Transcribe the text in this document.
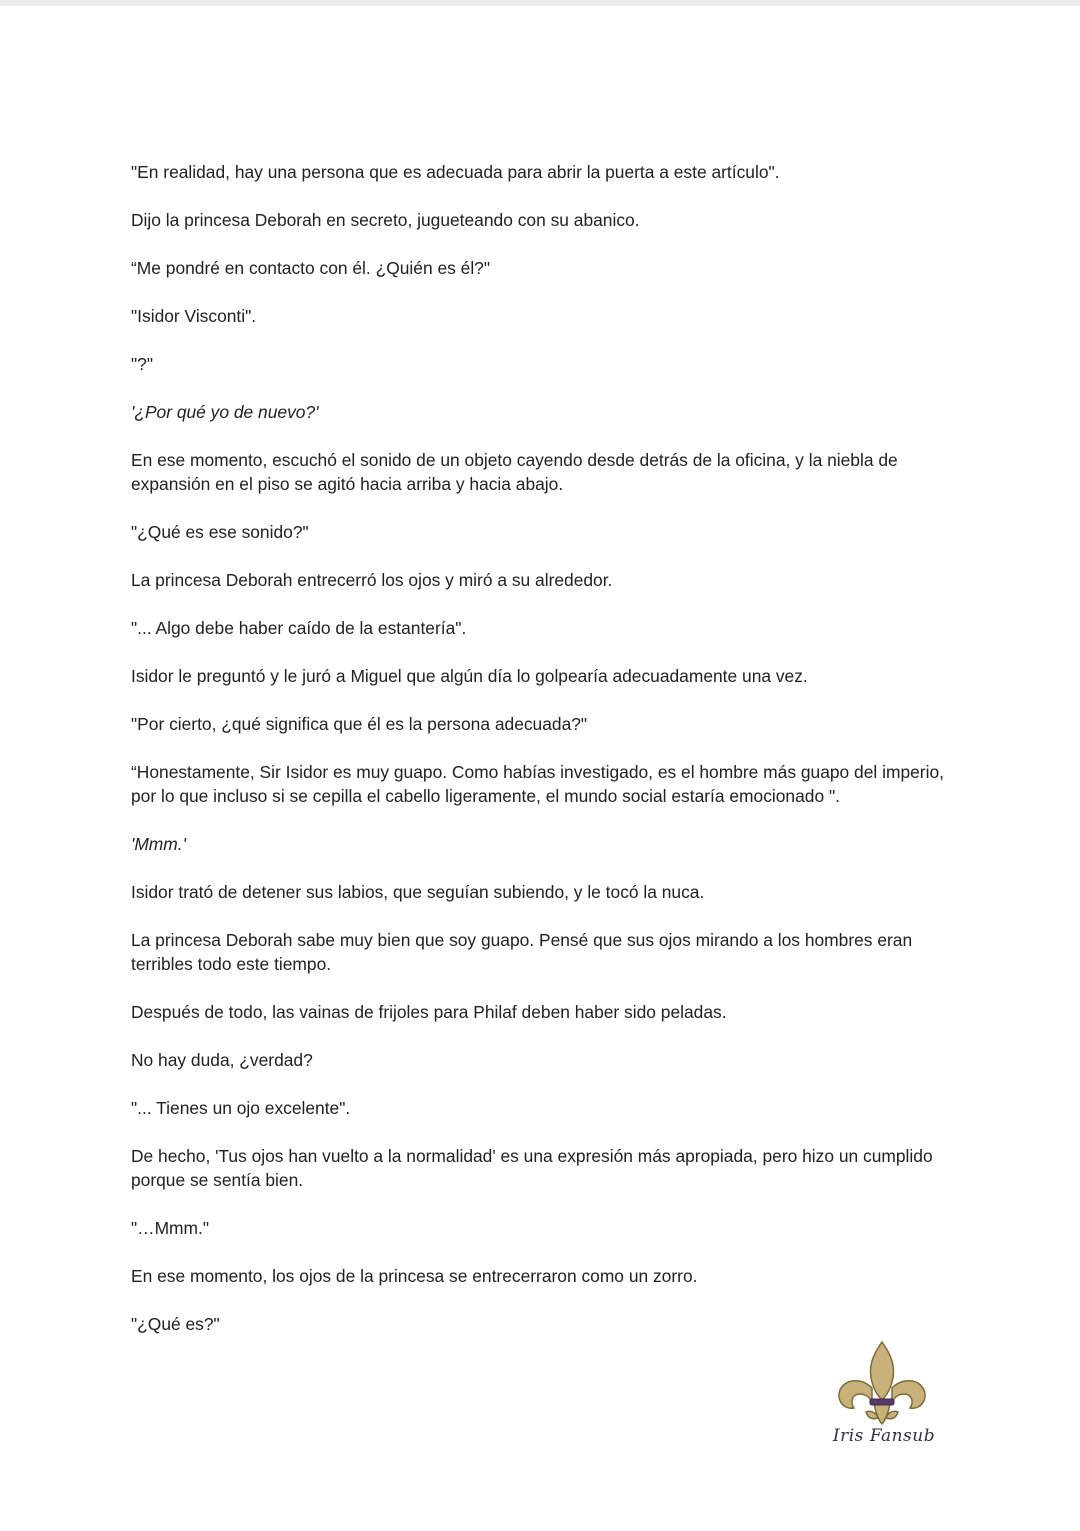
"En realidad, hay una persona que es adecuada para abrir la puerta a este artículo".

Dijo la princesa Deborah en secreto, jugueteando con su abanico.

“Me pondré en contacto con él. ¿Quién es él?"

"Isidor Visconti".

"?"

'¿Por qué yo de nuevo?'

En ese momento, escuchó el sonido de un objeto cayendo desde detrás de la oficina, y la niebla de expansión en el piso se agitó hacia arriba y hacia abajo.

"¿Qué es ese sonido?"

La princesa Deborah entrecerró los ojos y miró a su alrededor.

"... Algo debe haber caído de la estantería".

Isidor le preguntó y le juró a Miguel que algún día lo golpearía adecuadamente una vez.

"Por cierto, ¿qué significa que él es la persona adecuada?"

“Honestamente, Sir Isidor es muy guapo. Como habías investigado, es el hombre más guapo del imperio, por lo que incluso si se cepilla el cabello ligeramente, el mundo social estaría emocionado ".

'Mmm.'

Isidor trató de detener sus labios, que seguían subiendo, y le tocó la nuca.

La princesa Deborah sabe muy bien que soy guapo. Pensé que sus ojos mirando a los hombres eran terribles todo este tiempo.

Después de todo, las vainas de frijoles para Philaf deben haber sido peladas.

No hay duda, ¿verdad?

"... Tienes un ojo excelente".

De hecho, 'Tus ojos han vuelto a la normalidad' es una expresión más apropiada, pero hizo un cumplido porque se sentía bien.

"…Mmm."

En ese momento, los ojos de la princesa se entrecerraron como un zorro.

"¿Qué es?"

Iris Fansub
